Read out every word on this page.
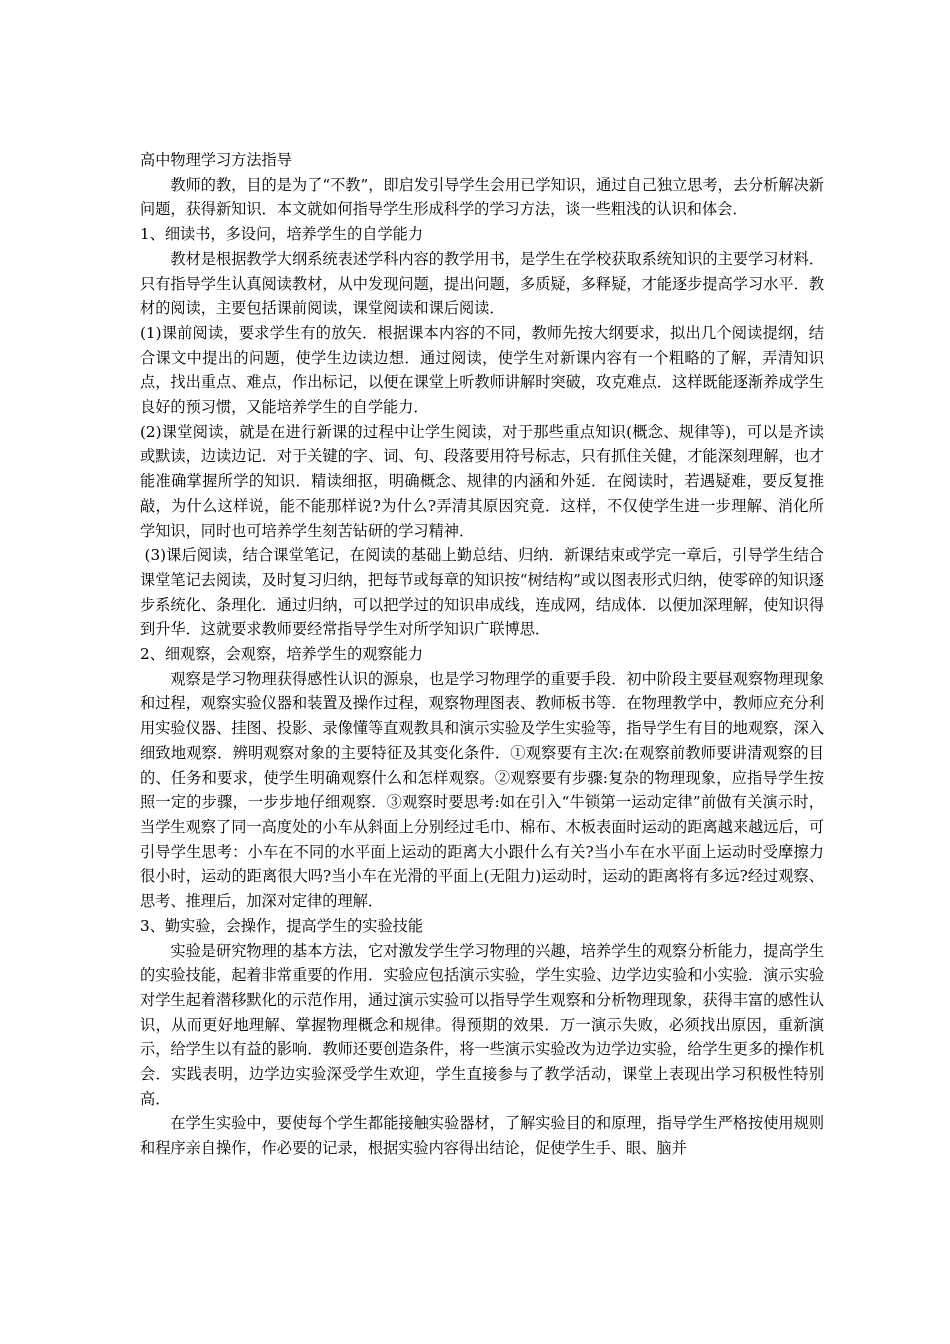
高中物理学习方法指导

教师的教，目的是为了“不教”，即启发引导学生会用已学知识，通过自己独立思考，去分析解决新问题，获得新知识．本文就如何指导学生形成科学的学习方法，谈一些粗浅的认识和体会．

1、细读书，多设问，培养学生的自学能力

教材是根据教学大纲系统表述学科内容的教学用书，是学生在学校获取系统知识的主要学习材料．只有指导学生认真阅读教材，从中发现问题，提出问题，多质疑，多释疑，才能逐步提高学习水平．教材的阅读，主要包括课前阅读，课堂阅读和课后阅读．

(1)课前阅读，要求学生有的放矢．根据课本内容的不同，教师先按大纲要求，拟出几个阅读提纲，结合课文中提出的问题，使学生边读边想．通过阅读，使学生对新课内容有一个粗略的了解，弄清知识点，找出重点、难点，作出标记，以便在课堂上听教师讲解时突破，攻克难点．这样既能逐渐养成学生良好的预习惯，又能培养学生的自学能力．

(2)课堂阅读，就是在进行新课的过程中让学生阅读，对于那些重点知识(概念、规律等)，可以是齐读或默读，边读边记．对于关键的字、词、句、段落要用符号标志，只有抓住关健，才能深刻理解，也才能准确掌握所学的知识．精读细抠，明确概念、规律的内涵和外延．在阅读时，若遇疑难，要反复推敲，为什么这样说，能不能那样说?为什么?弄清其原因究竟．这样，不仅使学生进一步理解、消化所学知识，同时也可培养学生刻苦钻研的学习精神．

(3)课后阅读，结合课堂笔记，在阅读的基础上勤总结、归纳．新课结束或学完一章后，引导学生结合课堂笔记去阅读，及时复习归纳，把每节或每章的知识按“树结构”或以图表形式归纳，使零碎的知识逐步系统化、条理化．通过归纳，可以把学过的知识串成线，连成网，结成体．以便加深理解，使知识得到升华．这就要求教师要经常指导学生对所学知识广联博思．

2、细观察，会观察，培养学生的观察能力

观察是学习物理获得感性认识的源泉，也是学习物理学的重要手段．初中阶段主要昼观察物理现象和过程，观察实验仪器和装置及操作过程，观察物理图表、教师板书等．在物理教学中，教师应充分利用实验仪器、挂图、投影、录像懂等直观教具和演示实验及学生实验等，指导学生有目的地观察，深入细致地观察．辨明观察对象的主要特征及其变化条件．①观察要有主次:在观察前教师要讲清观察的目的、任务和要求，使学生明确观察什么和怎样观察。②观察要有步骤:复杂的物理现象，应指导学生按照一定的步骤，一步步地仔细观察．③观察时要思考:如在引入“牛锁第一运动定律”前做有关演示时，当学生观察了同一高度处的小车从斜面上分别经过毛巾、棉布、木板表面时运动的距离越来越远后，可引导学生思考：小车在不同的水平面上运动的距离大小跟什么有关?当小车在水平面上运动时受摩擦力很小时，运动的距离很大吗?当小车在光滑的平面上(无阻力)运动时，运动的距离将有多远?经过观察、思考、推理后，加深对定律的理解．

3、勤实验，会操作，提高学生的实验技能

实验是研究物理的基本方法，它对激发学生学习物理的兴趣，培养学生的观察分析能力，提高学生的实验技能，起着非常重要的作用．实验应包括演示实验，学生实验、边学边实验和小实验．演示实验对学生起着潜移默化的示范作用，通过演示实验可以指导学生观察和分析物理现象，获得丰富的感性认识，从而更好地理解、掌握物理概念和规律。得预期的效果．万一演示失败，必须找出原因，重新演示，给学生以有益的影响．教师还要创造条件，将一些演示实验改为边学边实验，给学生更多的操作机会．实践表明，边学边实验深受学生欢迎，学生直接参与了教学活动，课堂上表现出学习积极性特别高．

在学生实验中，要使每个学生都能接触实验器材，了解实验目的和原理，指导学生严格按使用规则和程序亲自操作，作必要的记录，根据实验内容得出结论，促使学生手、眼、脑并
